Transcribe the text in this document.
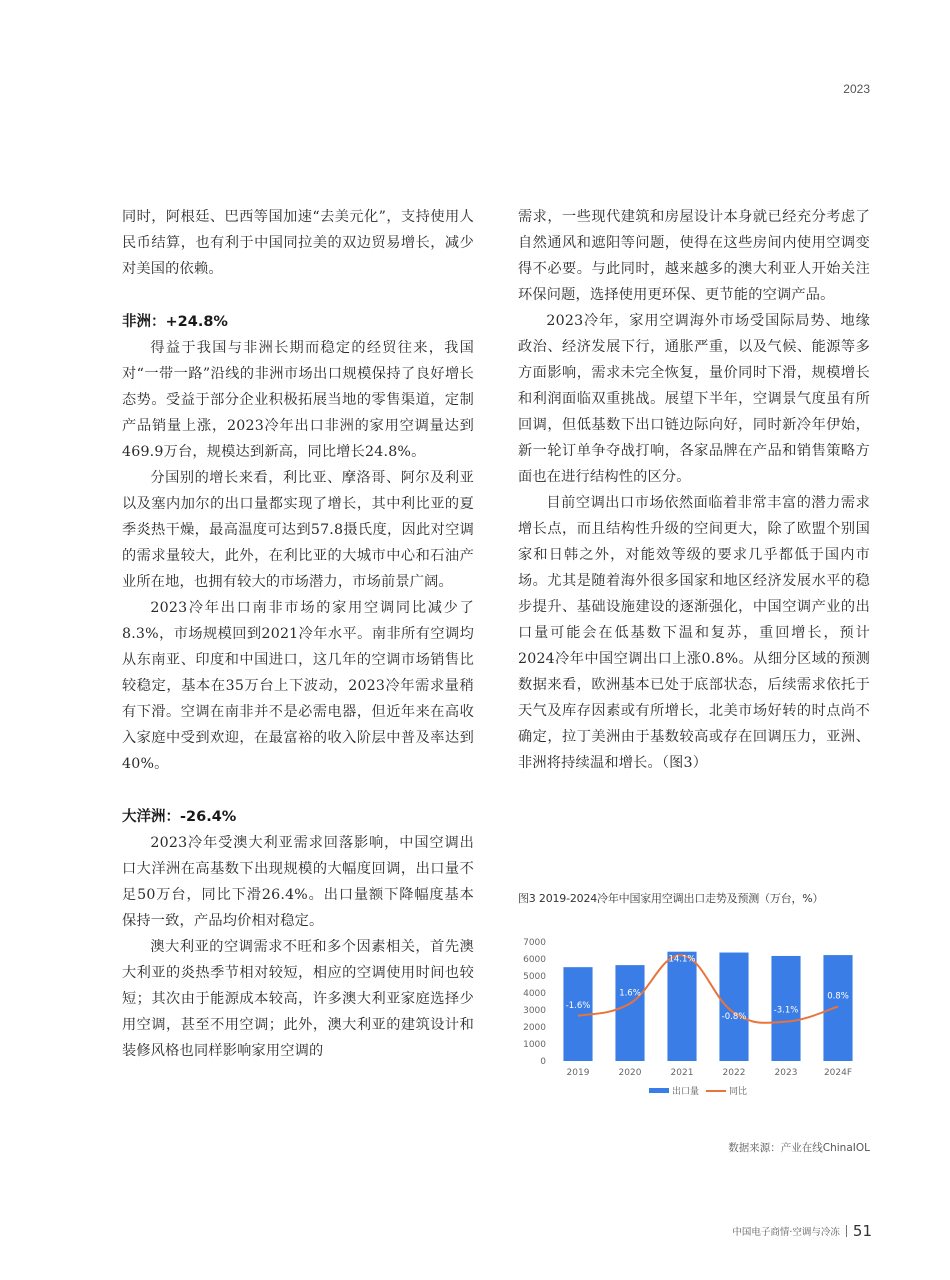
2023

同时，阿根廷、巴西等国加速“去美元化”，支持使用人民币结算，也有利于中国同拉美的双边贸易增长，减少对美国的依赖。

非洲：+24.8%

得益于我国与非洲长期而稳定的经贸往来，我国对“一带一路”沿线的非洲市场出口规模保持了良好增长态势。受益于部分企业积极拓展当地的零售渠道，定制产品销量上涨，2023冷年出口非洲的家用空调量达到469.9万台，规模达到新高，同比增长24.8%。

分国别的增长来看，利比亚、摩洛哥、阿尔及利亚以及塞内加尔的出口量都实现了增长，其中利比亚的夏季炎热干燥，最高温度可达到57.8摄氏度，因此对空调的需求量较大，此外，在利比亚的大城市中心和石油产业所在地，也拥有较大的市场潜力，市场前景广阔。

2023冷年出口南非市场的家用空调同比减少了8.3%，市场规模回到2021冷年水平。南非所有空调均从东南亚、印度和中国进口，这几年的空调市场销售比较稳定，基本在35万台上下波动，2023冷年需求量稍有下滑。空调在南非并不是必需电器，但近年来在高收入家庭中受到欢迎，在最富裕的收入阶层中普及率达到40%。

大洋洲：-26.4%

2023冷年受澳大利亚需求回落影响，中国空调出口大洋洲在高基数下出现规模的大幅度回调，出口量不足50万台，同比下滑26.4%。出口量额下降幅度基本保持一致，产品均价相对稳定。

澳大利亚的空调需求不旺和多个因素相关，首先澳大利亚的炎热季节相对较短，相应的空调使用时间也较短；其次由于能源成本较高，许多澳大利亚家庭选择少用空调，甚至不用空调；此外，澳大利亚的建筑设计和装修风格也同样影响家用空调的

需求，一些现代建筑和房屋设计本身就已经充分考虑了自然通风和遮阳等问题，使得在这些房间内使用空调变得不必要。与此同时，越来越多的澳大利亚人开始关注环保问题，选择使用更环保、更节能的空调产品。

2023冷年，家用空调海外市场受国际局势、地缘政治、经济发展下行，通胀严重，以及气候、能源等多方面影响，需求未完全恢复，量价同时下滑，规模增长和利润面临双重挑战。展望下半年，空调景气度虽有所回调，但低基数下出口链边际向好，同时新冷年伊始，新一轮订单争夺战打响，各家品牌在产品和销售策略方面也在进行结构性的区分。

目前空调出口市场依然面临着非常丰富的潜力需求增长点，而且结构性升级的空间更大，除了欧盟个别国家和日韩之外，对能效等级的要求几乎都低于国内市场。尤其是随着海外很多国家和地区经济发展水平的稳步提升、基础设施建设的逐渐强化，中国空调产业的出口量可能会在低基数下温和复苏，重回增长，预计2024冷年中国空调出口上涨0.8%。从细分区域的预测数据来看，欧洲基本已处于底部状态，后续需求依托于天气及库存因素或有所增长，北美市场好转的时点尚不确定，拉丁美洲由于基数较高或存在回调压力，亚洲、非洲将持续温和增长。（图3）

图3 2019-2024冷年中国家用空调出口走势及预测（万台，%）
7000
6000
5000
4000
3000
2000
1000
0
2019	2020	2021	2022	2023	2024F
-1.6%
1.6%
14.1%
-0.8%
-3.1%
0.8%
出口量	同比
数据来源：产业在线ChinaIOL
中国电子商情·空调与冷冻 51
